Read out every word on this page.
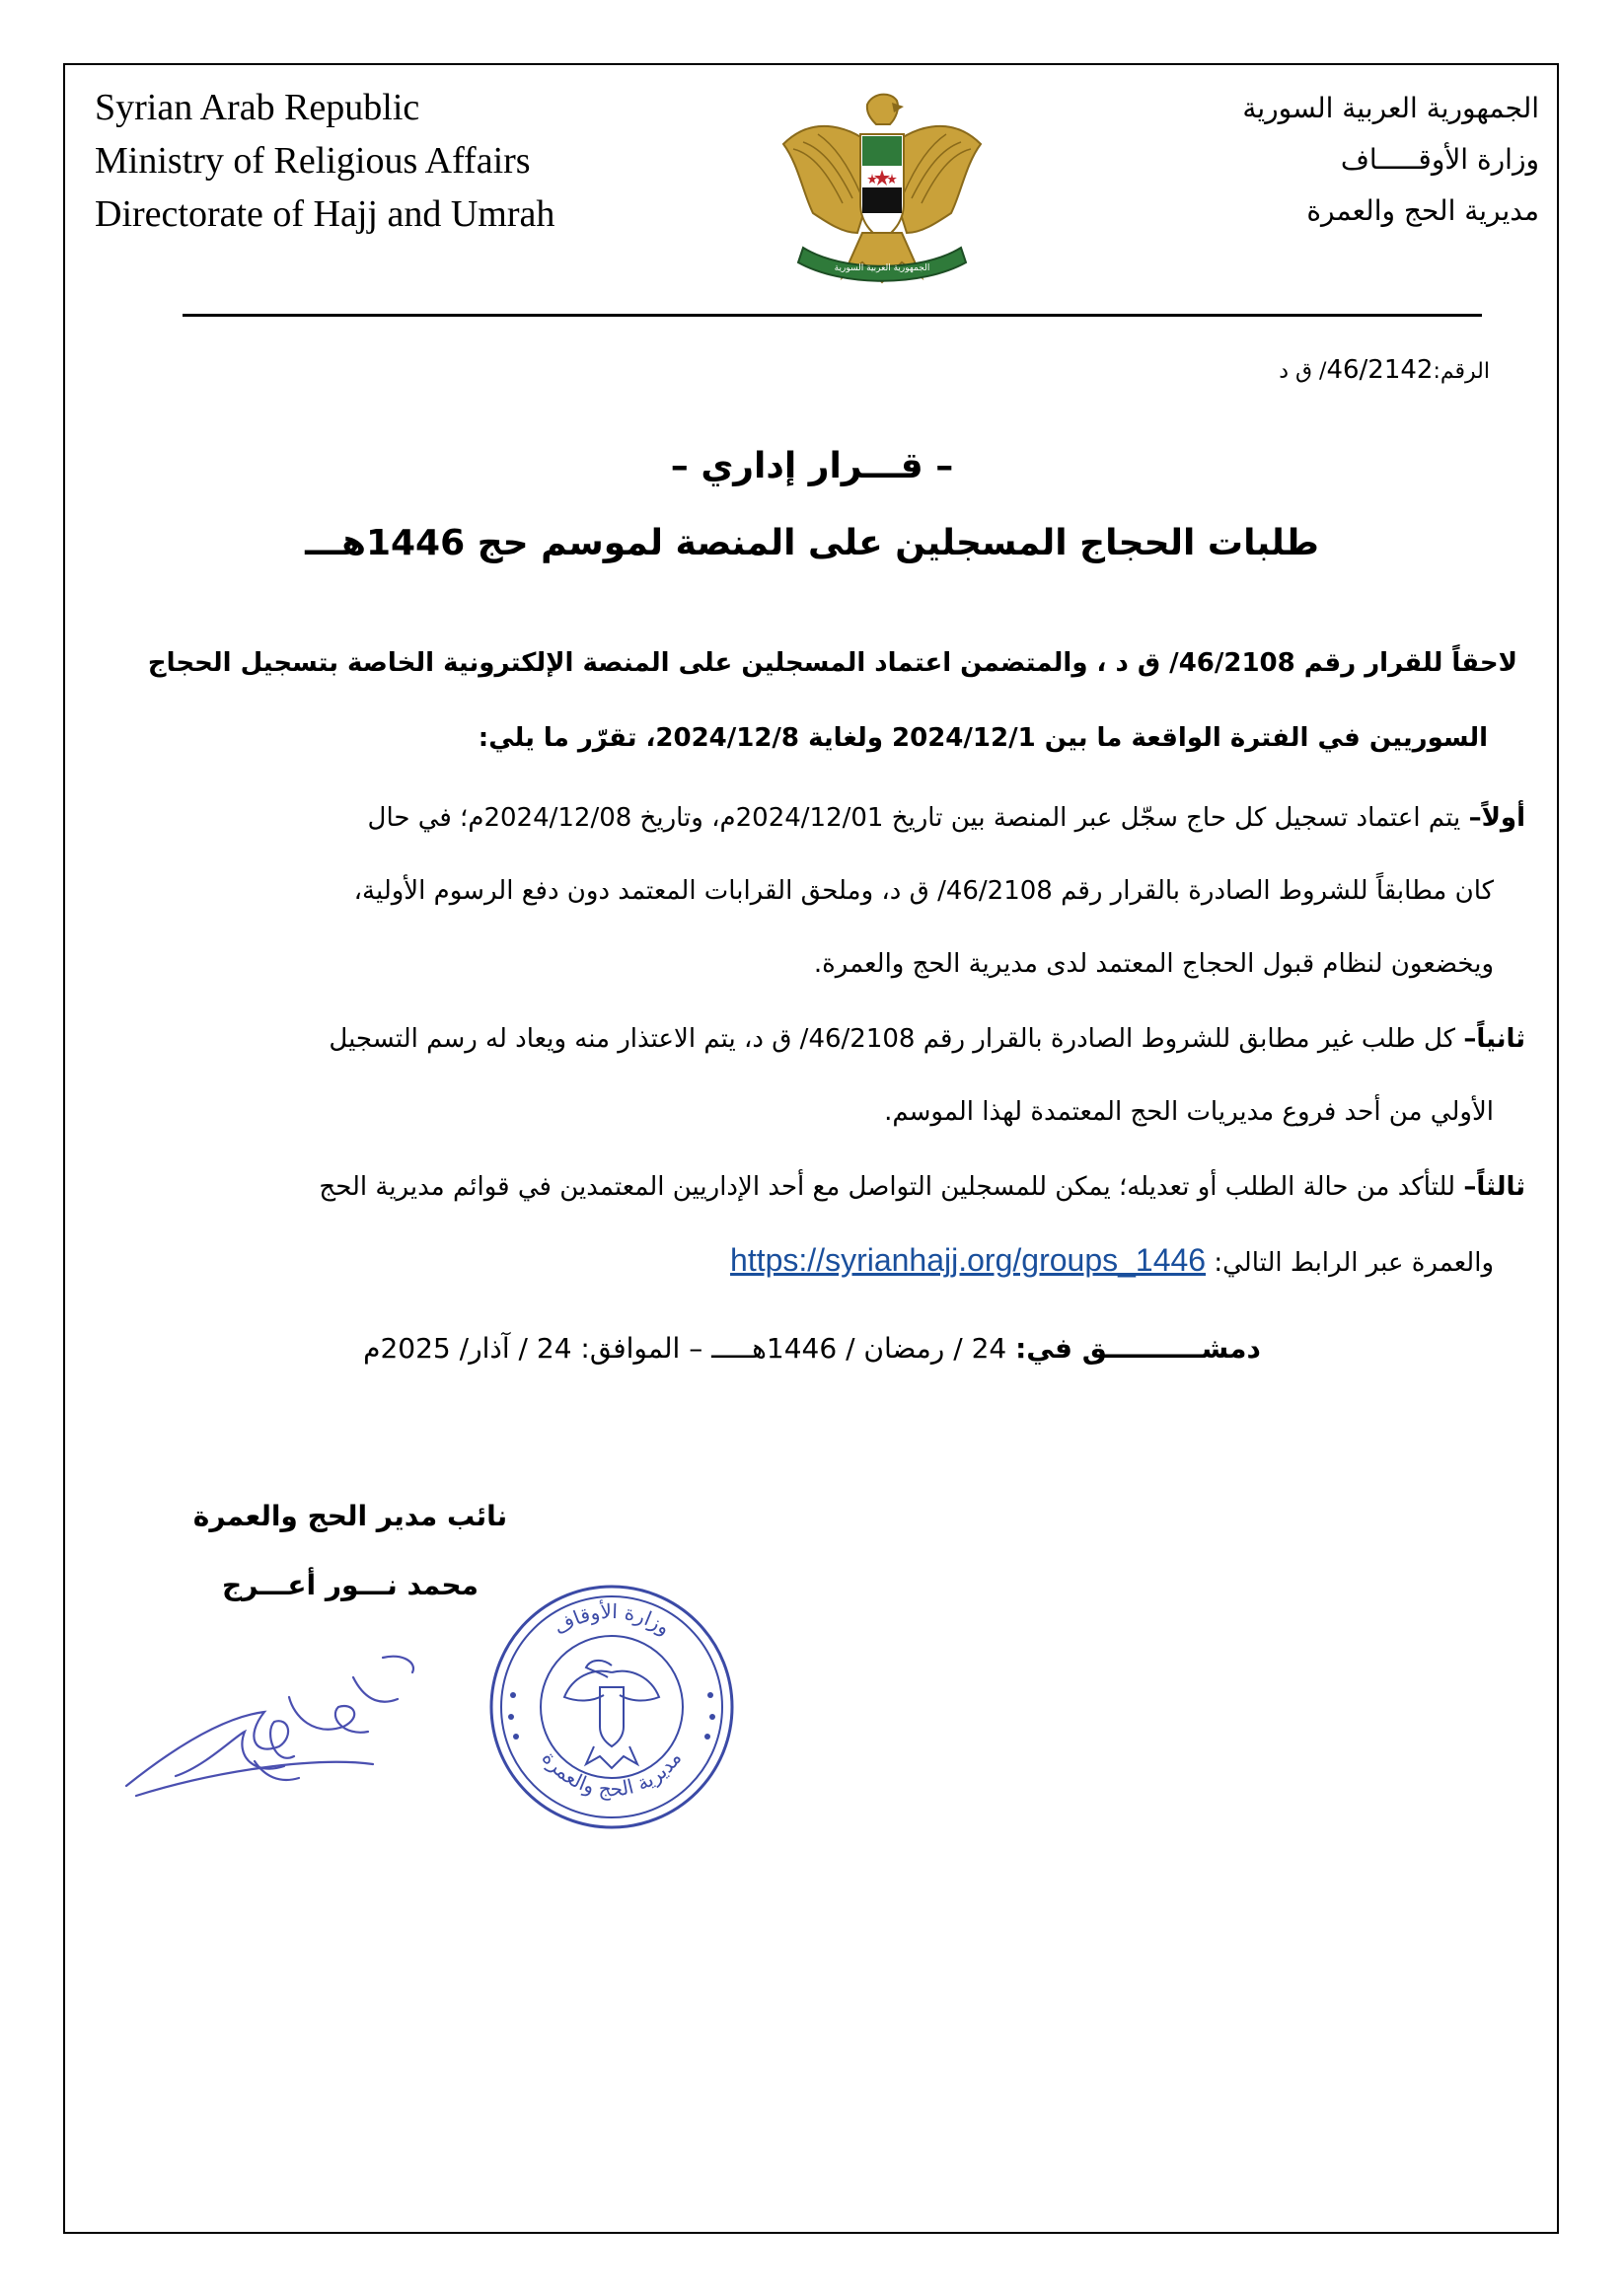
Syrian Arab Republic
Ministry of Religious Affairs
Directorate of Hajj and Umrah
الجمهورية العربية السورية
وزارة الأوقـــــاف
مديرية الحج والعمرة
الجمهورية العربية السورية
الرقم:46/2142/ ق د
– قـــرار إداري –
طلبات الحجاج المسجلين على المنصة لموسم حج 1446هـــ
لاحقاً للقرار رقم 46/2108/ ق د ، والمتضمن اعتماد المسجلين على المنصة الإلكترونية الخاصة بتسجيل الحجاج
السوريين في الفترة الواقعة ما بين 2024/12/1 ولغاية 2024/12/8، تقرّر ما يلي:
أولاً– يتم اعتماد تسجيل كل حاج سجّل عبر المنصة بين تاريخ 2024/12/01م، وتاريخ 2024/12/08م؛ في حال
كان مطابقاً للشروط الصادرة بالقرار رقم 46/2108/ ق د، وملحق القرابات المعتمد دون دفع الرسوم الأولية،
ويخضعون لنظام قبول الحجاج المعتمد لدى مديرية الحج والعمرة.
ثانياً– كل طلب غير مطابق للشروط الصادرة بالقرار رقم 46/2108/ ق د، يتم الاعتذار منه ويعاد له رسم التسجيل
الأولي من أحد فروع مديريات الحج المعتمدة لهذا الموسم.
ثالثاً– للتأكد من حالة الطلب أو تعديله؛ يمكن للمسجلين التواصل مع أحد الإداريين المعتمدين في قوائم مديرية الحج
والعمرة عبر الرابط التالي: https://syrianhajj.org/groups_1446
دمشــــــــــق في: 24 / رمضان / 1446هـــــ – الموافق: 24 / آذار/ 2025م
نائب مدير الحج والعمرة
محمد نـــور أعـــرج
وزارة الأوقاف
مديرية الحج والعمرة
